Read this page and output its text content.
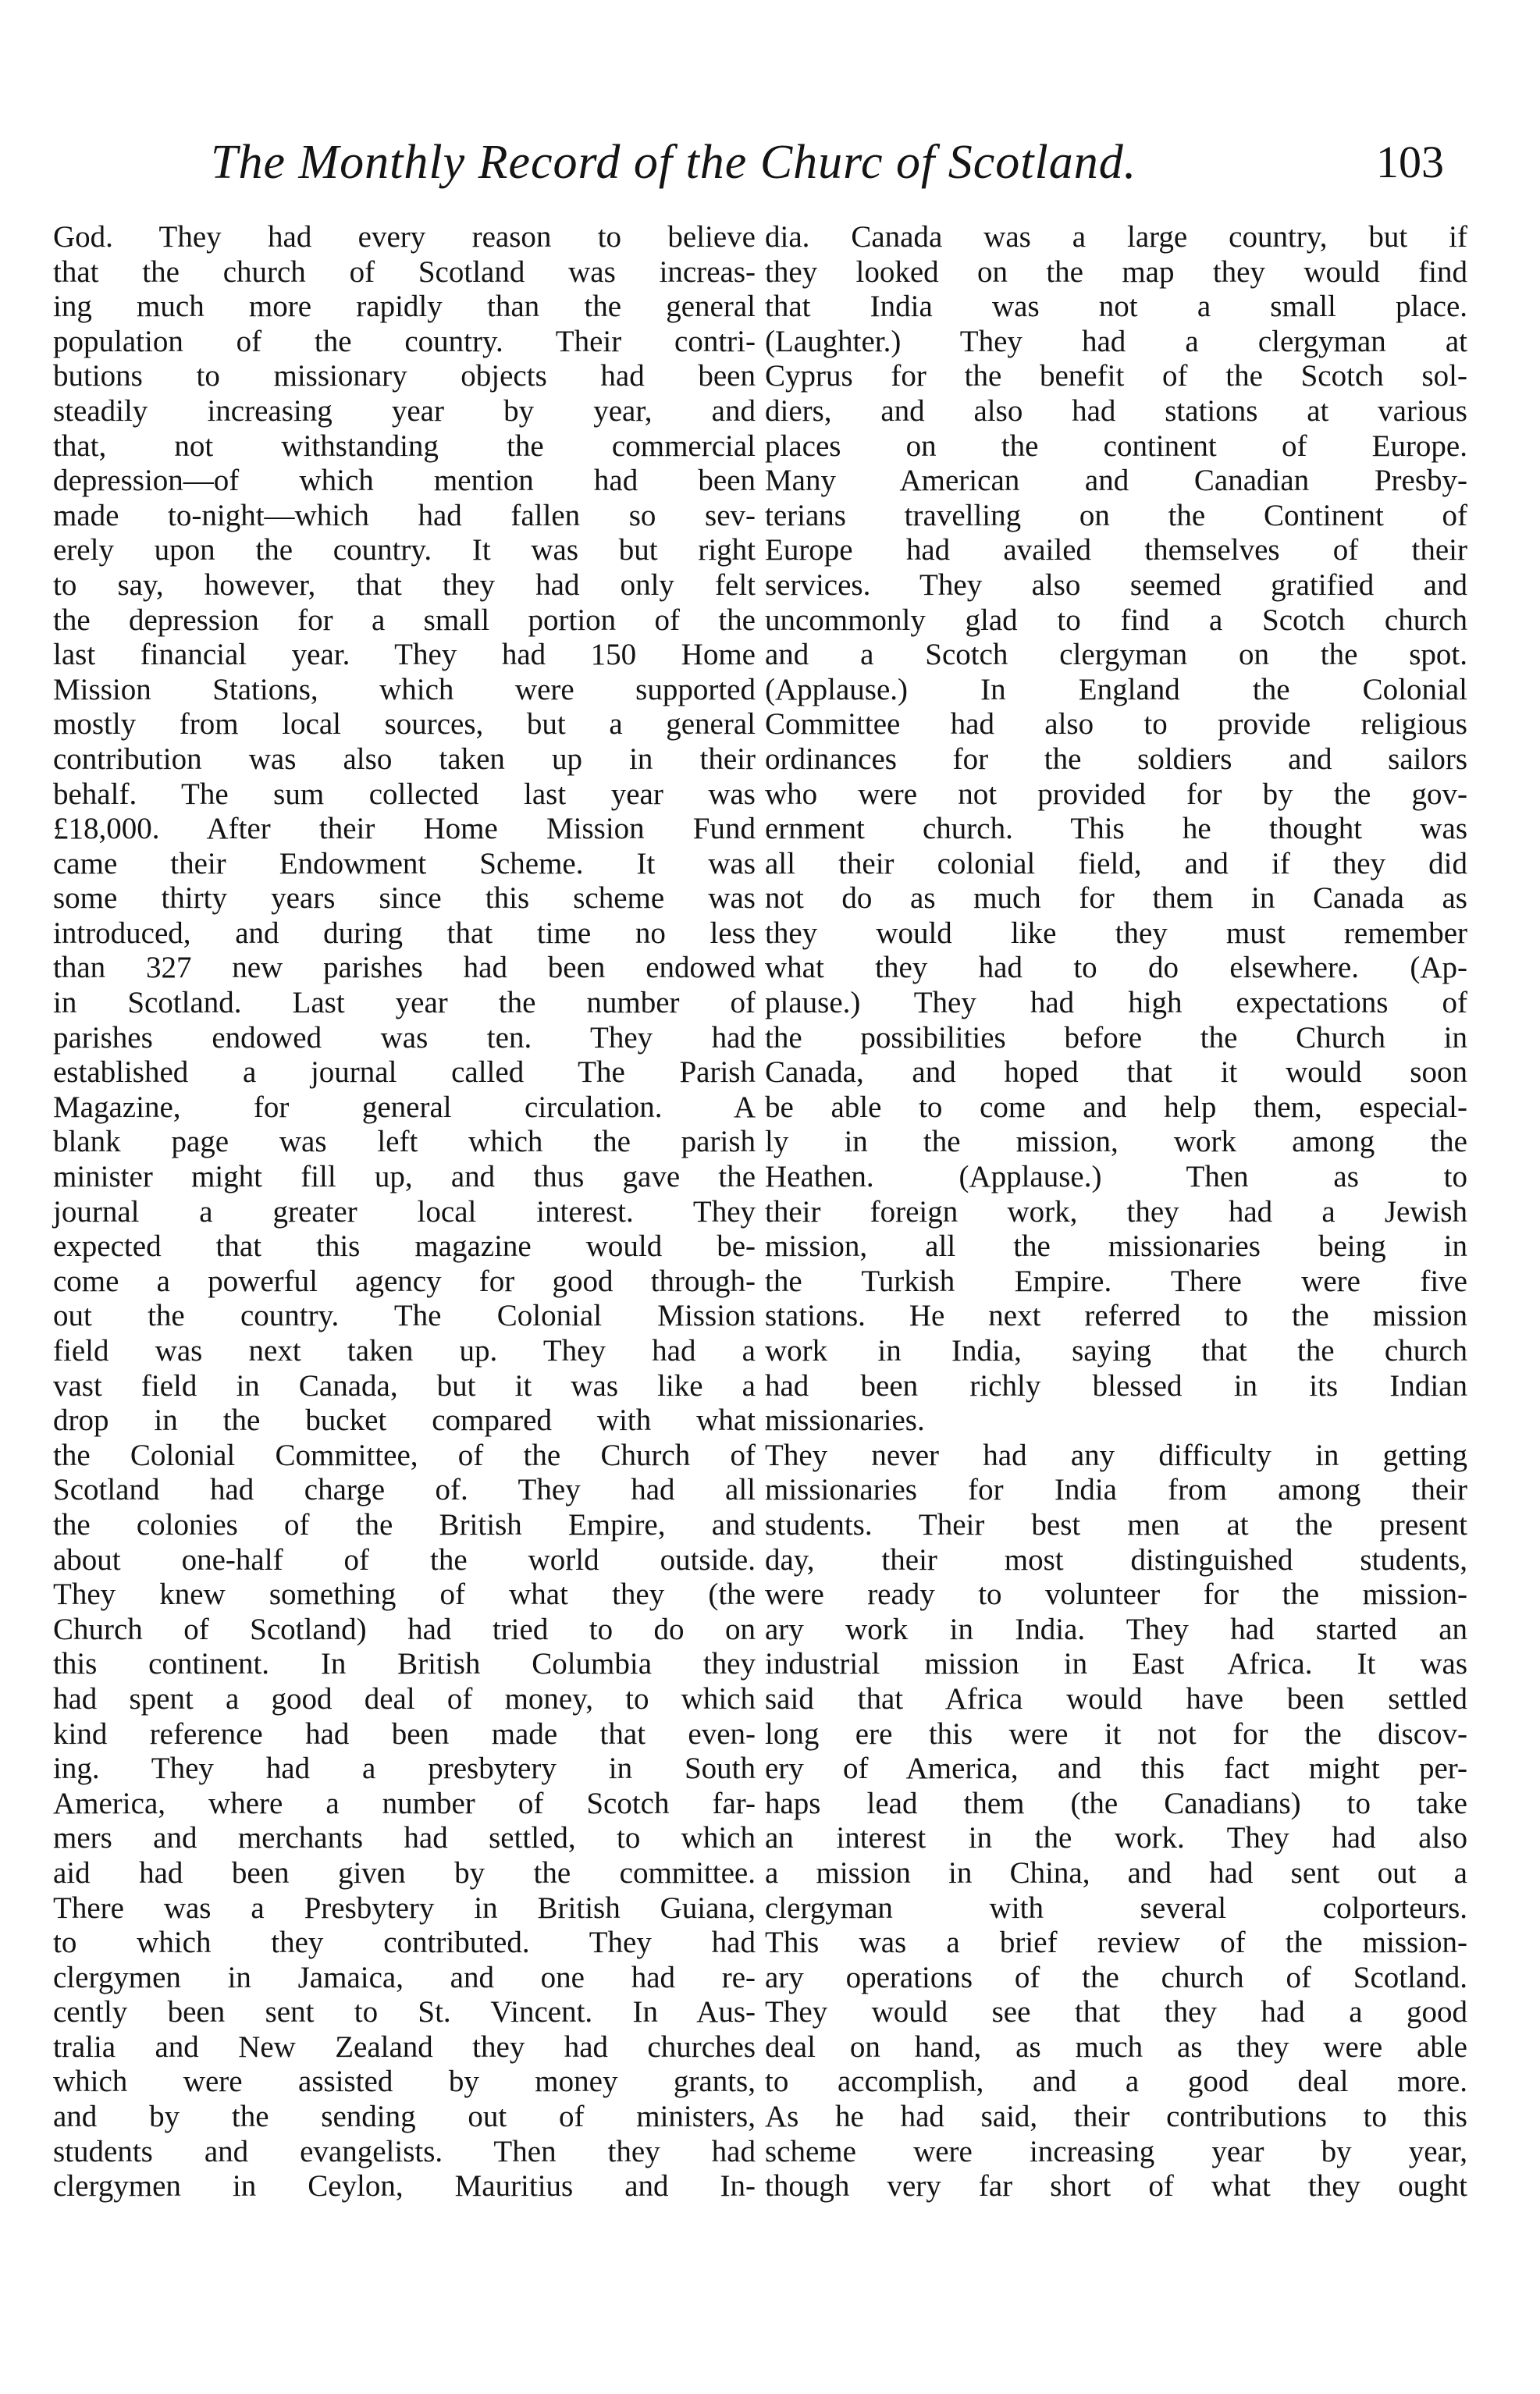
The Monthly Record of the Churc of Scotland.	103
God. They had every reason to believe
that the church of Scotland was increas-
ing much more rapidly than the general
population of the country. Their contri-
butions to missionary objects had been
steadily increasing year by year, and
that, not withstanding the commercial
depression—of which mention had been
made to-night—which had fallen so sev-
erely upon the country. It was but right
to say, however, that they had only felt
the depression for a small portion of the
last financial year. They had 150 Home
Mission Stations, which were supported
mostly from local sources, but a general
contribution was also taken up in their
behalf. The sum collected last year was
£18,000. After their Home Mission Fund
came their Endowment Scheme. It was
some thirty years since this scheme was
introduced, and during that time no less
than 327 new parishes had been endowed
in Scotland. Last year the number of
parishes endowed was ten. They had
established a journal called The Parish
Magazine, for general circulation. A
blank page was left which the parish
minister might fill up, and thus gave the
journal a greater local interest. They
expected that this magazine would be-
come a powerful agency for good through-
out the country. The Colonial Mission
field was next taken up. They had a
vast field in Canada, but it was like a
drop in the bucket compared with what
the Colonial Committee, of the Church of
Scotland had charge of. They had all
the colonies of the British Empire, and
about one-half of the world outside.
They knew something of what they (the
Church of Scotland) had tried to do on
this continent. In British Columbia they
had spent a good deal of money, to which
kind reference had been made that even-
ing. They had a presbytery in South
America, where a number of Scotch far-
mers and merchants had settled, to which
aid had been given by the committee.
There was a Presbytery in British Guiana,
to which they contributed. They had
clergymen in Jamaica, and one had re-
cently been sent to St. Vincent. In Aus-
tralia and New Zealand they had churches
which were assisted by money grants,
and by the sending out of ministers,
students and evangelists. Then they had
clergymen in Ceylon, Mauritius and In-
dia. Canada was a large country, but if
they looked on the map they would find
that India was not a small place.
(Laughter.) They had a clergyman at
Cyprus for the benefit of the Scotch sol-
diers, and also had stations at various
places on the continent of Europe.
Many American and Canadian Presby-
terians travelling on the Continent of
Europe had availed themselves of their
services. They also seemed gratified and
uncommonly glad to find a Scotch church
and a Scotch clergyman on the spot.
(Applause.) In England the Colonial
Committee had also to provide religious
ordinances for the soldiers and sailors
who were not provided for by the gov-
ernment church. This he thought was
all their colonial field, and if they did
not do as much for them in Canada as
they would like they must remember
what they had to do elsewhere. (Ap-
plause.) They had high expectations of
the possibilities before the Church in
Canada, and hoped that it would soon
be able to come and help them, especial-
ly in the mission, work among the
Heathen. (Applause.) Then as to
their foreign work, they had a Jewish
mission, all the missionaries being in
the Turkish Empire. There were five
stations. He next referred to the mission
work in India, saying that the church
had been richly blessed in its Indian
missionaries.
They never had any difficulty in getting
missionaries for India from among their
students. Their best men at the present
day, their most distinguished students,
were ready to volunteer for the mission-
ary work in India. They had started an
industrial mission in East Africa. It was
said that Africa would have been settled
long ere this were it not for the discov-
ery of America, and this fact might per-
haps lead them (the Canadians) to take
an interest in the work. They had also
a mission in China, and had sent out a
clergyman with several colporteurs.
This was a brief review of the mission-
ary operations of the church of Scotland.
They would see that they had a good
deal on hand, as much as they were able
to accomplish, and a good deal more.
As he had said, their contributions to this
scheme were increasing year by year,
though very far short of what they ought
